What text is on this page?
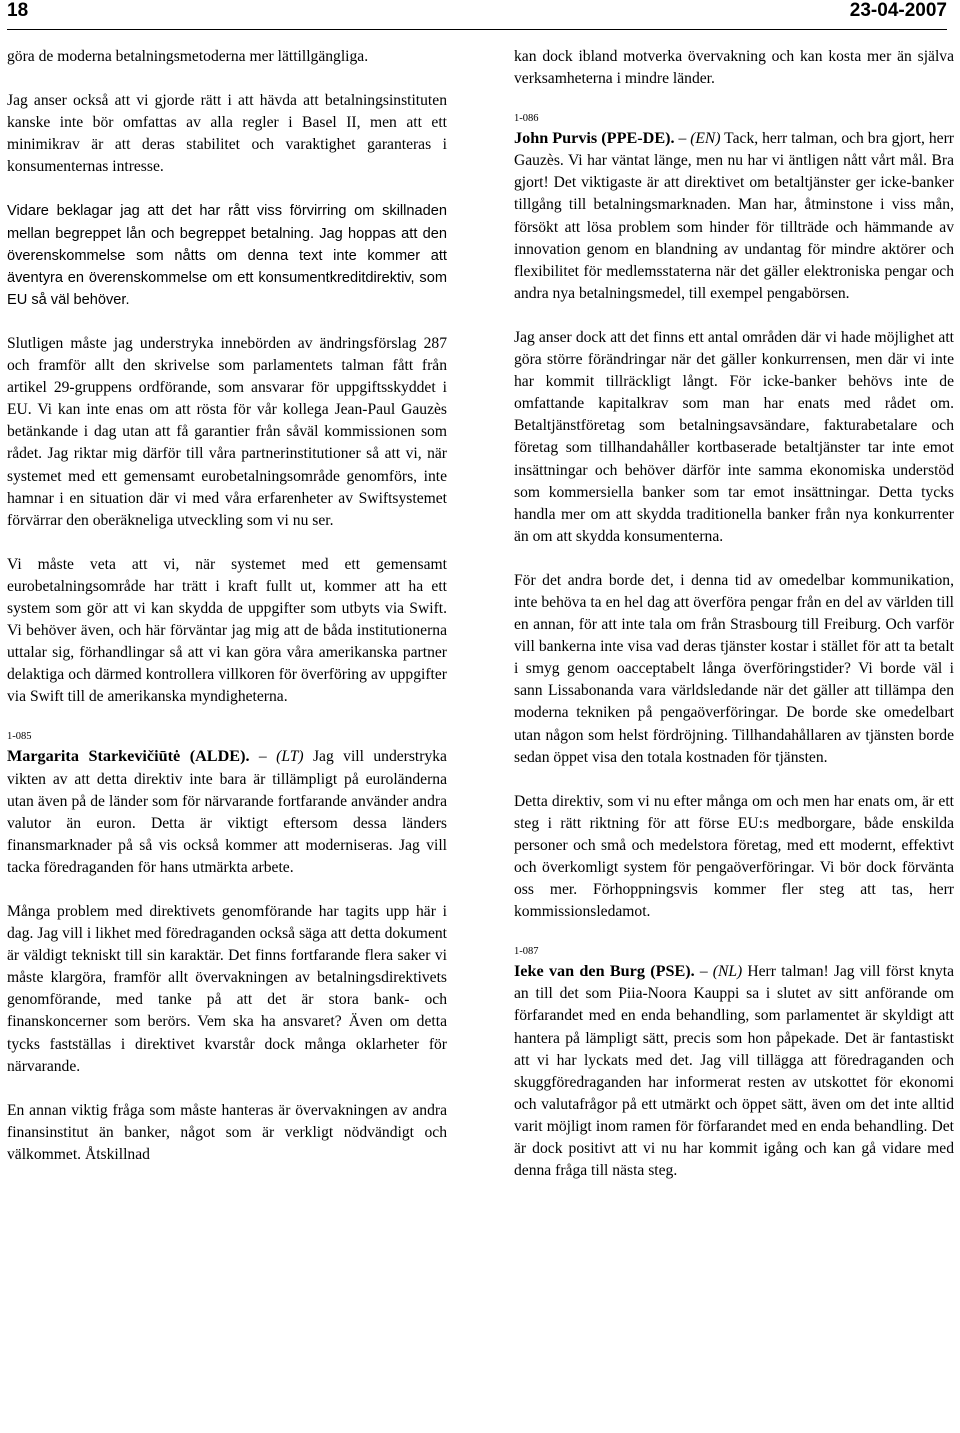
18	23-04-2007

göra de moderna betalningsmetoderna mer lättillgängliga.

Jag anser också att vi gjorde rätt i att hävda att betalningsinstituten kanske inte bör omfattas av alla regler i Basel II, men att ett minimikrav är att deras stabilitet och varaktighet garanteras i konsumenternas intresse.

Vidare beklagar jag att det har rått viss förvirring om skillnaden mellan begreppet lån och begreppet betalning. Jag hoppas att den överenskommelse som nåtts om denna text inte kommer att äventyra en överenskommelse om ett konsumentkreditdirektiv, som EU så väl behöver.

Slutligen måste jag understryka innebörden av ändringsförslag 287 och framför allt den skrivelse som parlamentets talman fått från artikel 29-gruppens ordförande, som ansvarar för uppgiftsskyddet i EU. Vi kan inte enas om att rösta för vår kollega Jean-Paul Gauzès betänkande i dag utan att få garantier från såväl kommissionen som rådet. Jag riktar mig därför till våra partnerinstitutioner så att vi, när systemet med ett gemensamt eurobetalningsområde genomförs, inte hamnar i en situation där vi med våra erfarenheter av Swiftsystemet förvärrar den oberäkneliga utveckling som vi nu ser.

Vi måste veta att vi, när systemet med ett gemensamt eurobetalningsområde har trätt i kraft fullt ut, kommer att ha ett system som gör att vi kan skydda de uppgifter som utbyts via Swift. Vi behöver även, och här förväntar jag mig att de båda institutionerna uttalar sig, förhandlingar så att vi kan göra våra amerikanska partner delaktiga och därmed kontrollera villkoren för överföring av uppgifter via Swift till de amerikanska myndigheterna.

1-085

Margarita Starkevičiūtė (ALDE). – (LT) Jag vill understryka vikten av att detta direktiv inte bara är tillämpligt på euroländerna utan även på de länder som för närvarande fortfarande använder andra valutor än euron. Detta är viktigt eftersom dessa länders finansmarknader på så vis också kommer att moderniseras. Jag vill tacka föredraganden för hans utmärkta arbete.

Många problem med direktivets genomförande har tagits upp här i dag. Jag vill i likhet med föredraganden också säga att detta dokument är väldigt tekniskt till sin karaktär. Det finns fortfarande flera saker vi måste klargöra, framför allt övervakningen av betalningsdirektivets genomförande, med tanke på att det är stora bank- och finanskoncerner som berörs. Vem ska ha ansvaret? Även om detta tycks fastställas i direktivet kvarstår dock många oklarheter för närvarande.

En annan viktig fråga som måste hanteras är övervakningen av andra finansinstitut än banker, något som är verkligt nödvändigt och välkommet. Åtskillnad

kan dock ibland motverka övervakning och kan kosta mer än själva verksamheterna i mindre länder.

1-086

John Purvis (PPE-DE). – (EN) Tack, herr talman, och bra gjort, herr Gauzès. Vi har väntat länge, men nu har vi äntligen nått vårt mål. Bra gjort! Det viktigaste är att direktivet om betaltjänster ger icke-banker tillgång till betalningsmarknaden. Man har, åtminstone i viss mån, försökt att lösa problem som hinder för tillträde och hämmande av innovation genom en blandning av undantag för mindre aktörer och flexibilitet för medlemsstaterna när det gäller elektroniska pengar och andra nya betalningsmedel, till exempel pengabörsen.

Jag anser dock att det finns ett antal områden där vi hade möjlighet att göra större förändringar när det gäller konkurrensen, men där vi inte har kommit tillräckligt långt. För icke-banker behövs inte de omfattande kapitalkrav som man har enats med rådet om. Betaltjänstföretag som betalningsavsändare, fakturabetalare och företag som tillhandahåller kortbaserade betaltjänster tar inte emot insättningar och behöver därför inte samma ekonomiska understöd som kommersiella banker som tar emot insättningar. Detta tycks handla mer om att skydda traditionella banker från nya konkurrenter än om att skydda konsumenterna.

För det andra borde det, i denna tid av omedelbar kommunikation, inte behöva ta en hel dag att överföra pengar från en del av världen till en annan, för att inte tala om från Strasbourg till Freiburg. Och varför vill bankerna inte visa vad deras tjänster kostar i stället för att ta betalt i smyg genom oacceptabelt långa överföringstider? Vi borde väl i sann Lissabonanda vara världsledande när det gäller att tillämpa den moderna tekniken på pengaöverföringar. De borde ske omedelbart utan någon som helst fördröjning. Tillhandahållaren av tjänsten borde sedan öppet visa den totala kostnaden för tjänsten.

Detta direktiv, som vi nu efter många om och men har enats om, är ett steg i rätt riktning för att förse EU:s medborgare, både enskilda personer och små och medelstora företag, med ett modernt, effektivt och överkomligt system för pengaöverföringar. Vi bör dock förvänta oss mer. Förhoppningsvis kommer fler steg att tas, herr kommissionsledamot.

1-087

Ieke van den Burg (PSE). – (NL) Herr talman! Jag vill först knyta an till det som Piia-Noora Kauppi sa i slutet av sitt anförande om förfarandet med en enda behandling, som parlamentet är skyldigt att hantera på lämpligt sätt, precis som hon påpekade. Det är fantastiskt att vi har lyckats med det. Jag vill tillägga att föredraganden och skuggföredraganden har informerat resten av utskottet för ekonomi och valutafrågor på ett utmärkt och öppet sätt, även om det inte alltid varit möjligt inom ramen för förfarandet med en enda behandling. Det är dock positivt att vi nu har kommit igång och kan gå vidare med denna fråga till nästa steg.
